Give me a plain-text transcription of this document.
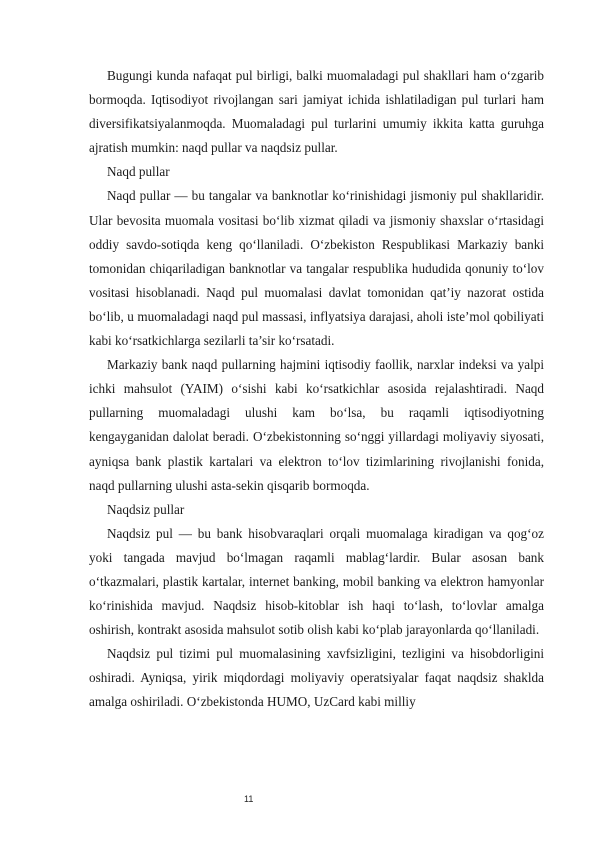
Bugungi kunda nafaqat pul birligi, balki muomaladagi pul shakllari ham o‘zgarib bormoqda. Iqtisodiyot rivojlangan sari jamiyat ichida ishlatiladigan pul turlari ham diversifikatsiyalanmoqda. Muomaladagi pul turlarini umumiy ikkita katta guruhga ajratish mumkin: naqd pullar va naqdsiz pullar.

Naqd pullar

Naqd pullar — bu tangalar va banknotlar ko‘rinishidagi jismoniy pul shakllaridir. Ular bevosita muomala vositasi bo‘lib xizmat qiladi va jismoniy shaxslar o‘rtasidagi oddiy savdo-sotiqda keng qo‘llaniladi. O‘zbekiston Respublikasi Markaziy banki tomonidan chiqariladigan banknotlar va tangalar respublika hududida qonuniy to‘lov vositasi hisoblanadi. Naqd pul muomalasi davlat tomonidan qat’iy nazorat ostida bo‘lib, u muomaladagi naqd pul massasi, inflyatsiya darajasi, aholi iste’mol qobiliyati kabi ko‘rsatkichlarga sezilarli ta’sir ko‘rsatadi.

Markaziy bank naqd pullarning hajmini iqtisodiy faollik, narxlar indeksi va yalpi ichki mahsulot (YAIM) o‘sishi kabi ko‘rsatkichlar asosida rejalashtiradi. Naqd pullarning muomaladagi ulushi kam bo‘lsa, bu raqamli iqtisodiyotning kengayganidan dalolat beradi. O‘zbekistonning so‘nggi yillardagi moliyaviy siyosati, ayniqsa bank plastik kartalari va elektron to‘lov tizimlarining rivojlanishi fonida, naqd pullarning ulushi asta-sekin qisqarib bormoqda.

Naqdsiz pullar

Naqdsiz pul — bu bank hisobvaraqlari orqali muomalaga kiradigan va qog‘oz yoki tangada mavjud bo‘lmagan raqamli mablag‘lardir. Bular asosan bank o‘tkazmalari, plastik kartalar, internet banking, mobil banking va elektron hamyonlar ko‘rinishida mavjud. Naqdsiz hisob-kitoblar ish haqi to‘lash, to‘lovlar amalga oshirish, kontrakt asosida mahsulot sotib olish kabi ko‘plab jarayonlarda qo‘llaniladi.

Naqdsiz pul tizimi pul muomalasining xavfsizligini, tezligini va hisobdorligini oshiradi. Ayniqsa, yirik miqdordagi moliyaviy operatsiyalar faqat naqdsiz shaklda amalga oshiriladi. O‘zbekistonda HUMO, UzCard kabi milliy

11
